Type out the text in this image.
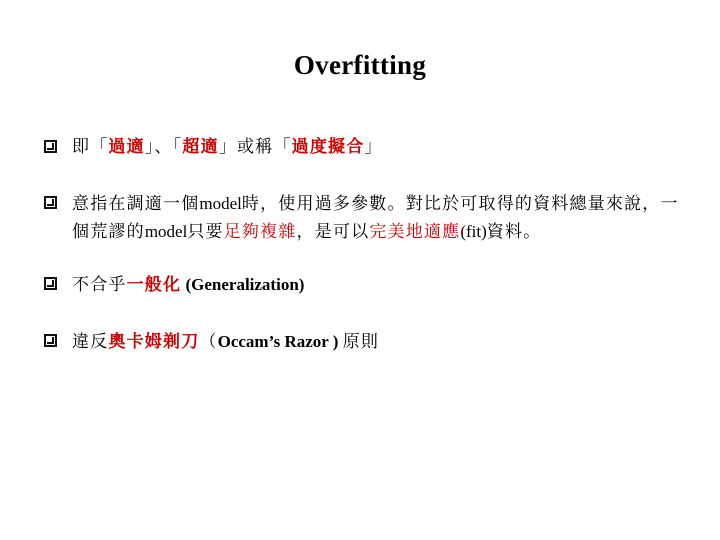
Overfitting
即「過適」、「超適」或稱「過度擬合」
意指在調適一個model時，使用過多參數。對比於可取得的資料總量來說，一個荒謬的model只要足夠複雜，是可以完美地適應(fit)資料。
不合乎一般化 (Generalization)
違反奧卡姆剃刀（Occam’s Razor ) 原則
